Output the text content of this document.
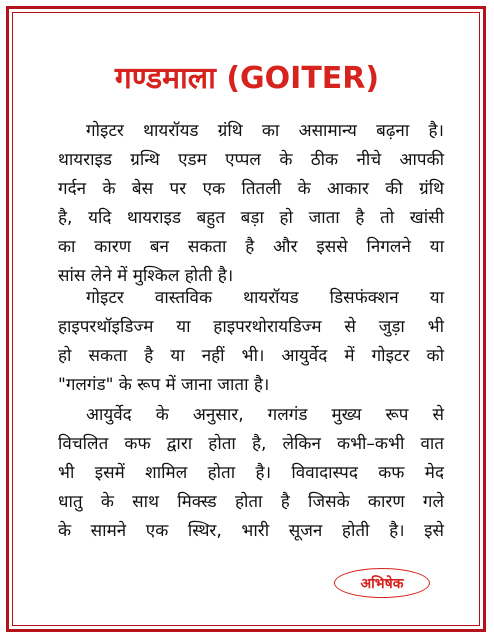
गण्डमाला (GOITER)
गोइटर थायरॉयड ग्रंथि का असामान्य बढ़ना है।
थायराइड ग्रन्थि एडम एप्पल के ठीक नीचे आपकी
गर्दन के बेस पर एक तितली के आकार की ग्रंथि
है, यदि थायराइड बहुत बड़ा हो जाता है तो खांसी
का कारण बन सकता है और इससे निगलने या
सांस लेने में मुश्किल होती है।
गोइटर वास्तविक थायरॉयड डिसफंक्शन या
हाइपरथॉइडिज्म या हाइपरथोरायडिज्म से जुड़ा भी
हो सकता है या नहीं भी। आयुर्वेद में गोइटर को
"गलगंड" के रूप में जाना जाता है।
आयुर्वेद के अनुसार, गलगंड मुख्य रूप से
विचलित कफ द्वारा होता है, लेकिन कभी–कभी वात
भी इसमें शामिल होता है। विवादास्पद कफ मेद
धातु के साथ मिक्स्ड होता है जिसके कारण गले
के सामने एक स्थिर, भारी सूजन होती है। इसे
अभिषेक
